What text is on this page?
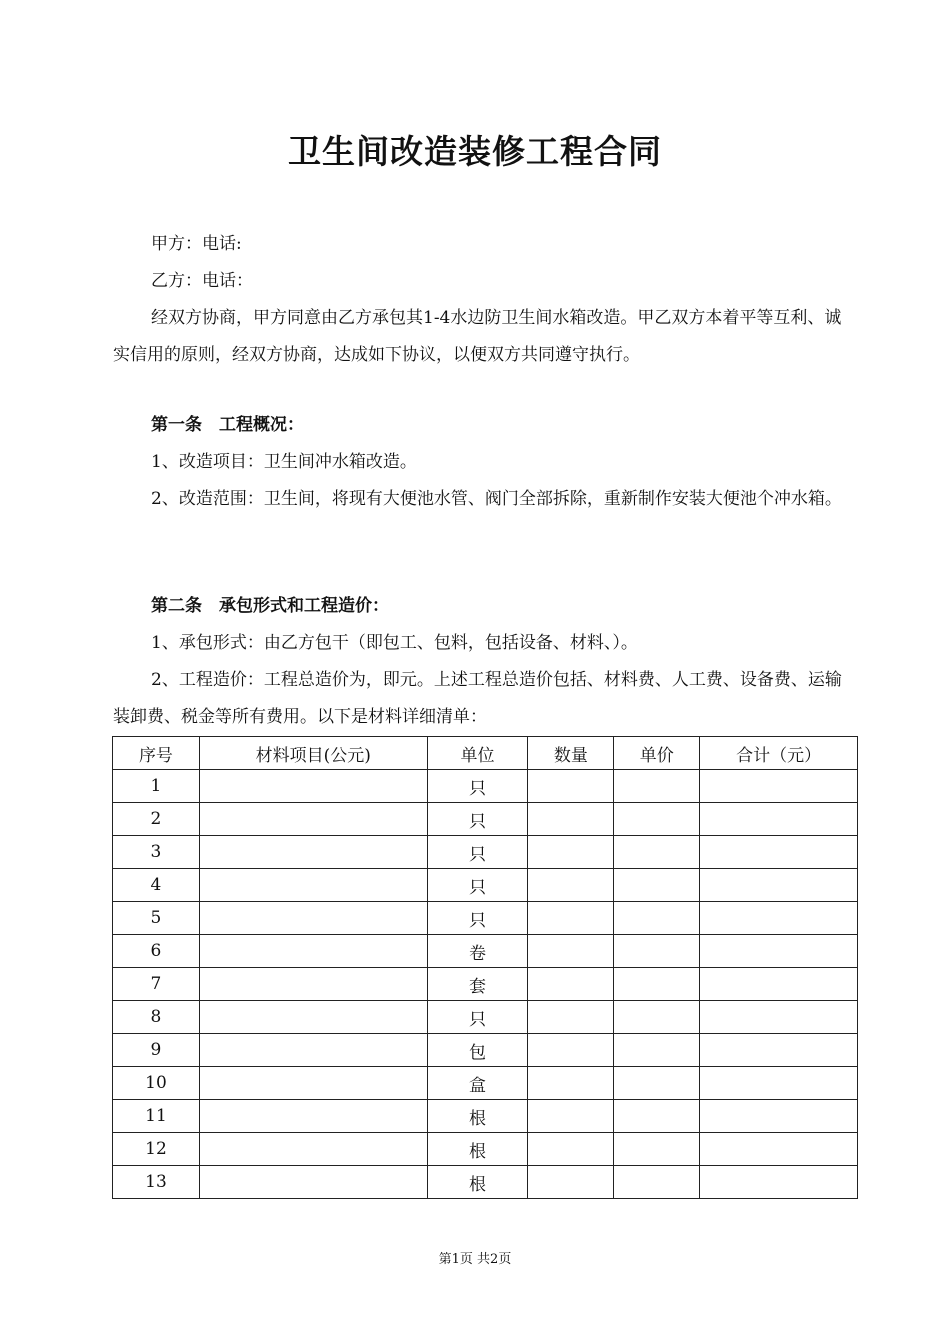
卫生间改造装修工程合同

甲方：电话:

乙方：电话：

经双方协商，甲方同意由乙方承包其1-4水边防卫生间水箱改造。甲乙双方本着平等互利、诚实信用的原则，经双方协商，达成如下协议，以便双方共同遵守执行。

第一条　工程概况：

1、改造项目：卫生间冲水箱改造。

2、改造范围：卫生间，将现有大便池水管、阀门全部拆除，重新制作安装大便池个冲水箱。

第二条　承包形式和工程造价：

1、承包形式：由乙方包干（即包工、包料，包括设备、材料、）。

2、工程造价：工程总造价为，即元。上述工程总造价包括、材料费、人工费、设备费、运输装卸费、税金等所有费用。以下是材料详细清单：

序号	材料项目(公元)	单位	数量	单价	合计（元）
1		只			
2		只			
3		只			
4		只			
5		只			
6		卷			
7		套			
8		只			
9		包			
10		盒			
11		根			
12		根			
13		根			
第1页 共2页
